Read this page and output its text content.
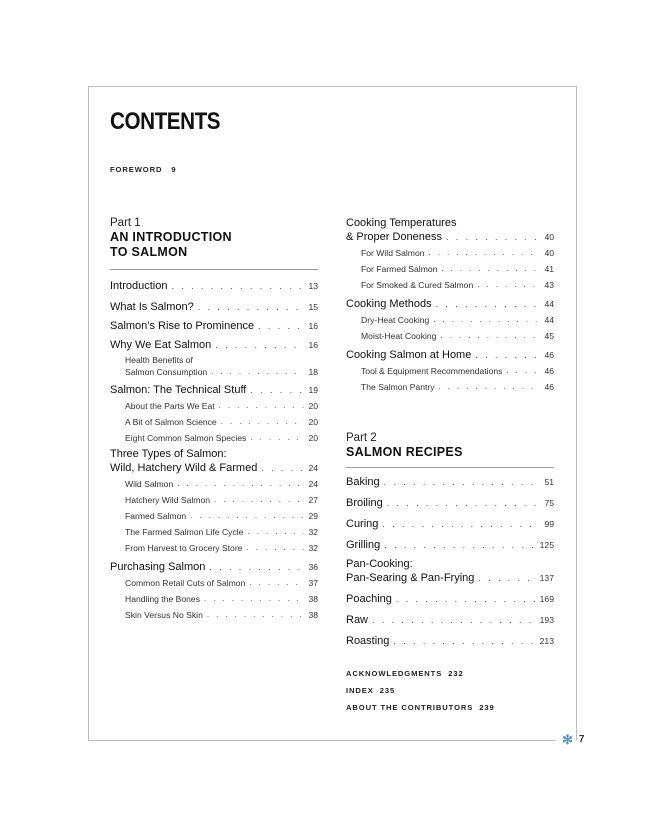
CONTENTS
FOREWORD 9
Part 1
AN INTRODUCTION
TO SALMON
Introduction . . .	13
What Is Salmon? . . .	15
Salmon’s Rise to Prominence . . .	16
Why We Eat Salmon . . .	16
Health Benefits of
Salmon Consumption . . .	18
Salmon: The Technical Stuff . . .	19
About the Parts We Eat . . .	20
A Bit of Salmon Science . . .	20
Eight Common Salmon Species . . .	20
Three Types of Salmon:
Wild, Hatchery Wild & Farmed . . .	24
Wild Salmon . . .	24
Hatchery Wild Salmon . . .	27
Farmed Salmon . . .	29
The Farmed Salmon Life Cycle . . .	32
From Harvest to Grocery Store . . .	32
Purchasing Salmon . . .	36
Common Retail Cuts of Salmon . . .	37
Handling the Bones . . .	38
Skin Versus No Skin . . .	38
Cooking Temperatures
& Proper Doneness . . .	40
For Wild Salmon . . .	40
For Farmed Salmon . . .	41
For Smoked & Cured Salmon . . .	43
Cooking Methods . . .	44
Dry-Heat Cooking . . .	44
Moist-Heat Cooking . . .	45
Cooking Salmon at Home . . .	46
Tool & Equipment Recommendations . . .	46
The Salmon Pantry . . .	46
Part 2
SALMON RECIPES
Baking . . .	51
Broiling . . .	75
Curing . . .	99
Grilling . . .	125
Pan-Cooking:
Pan-Searing & Pan-Frying . . .	137
Poaching . . .	169
Raw . . .	193
Roasting . . .	213
ACKNOWLEDGMENTS 232
INDEX 235
ABOUT THE CONTRIBUTORS 239
✻ 7
